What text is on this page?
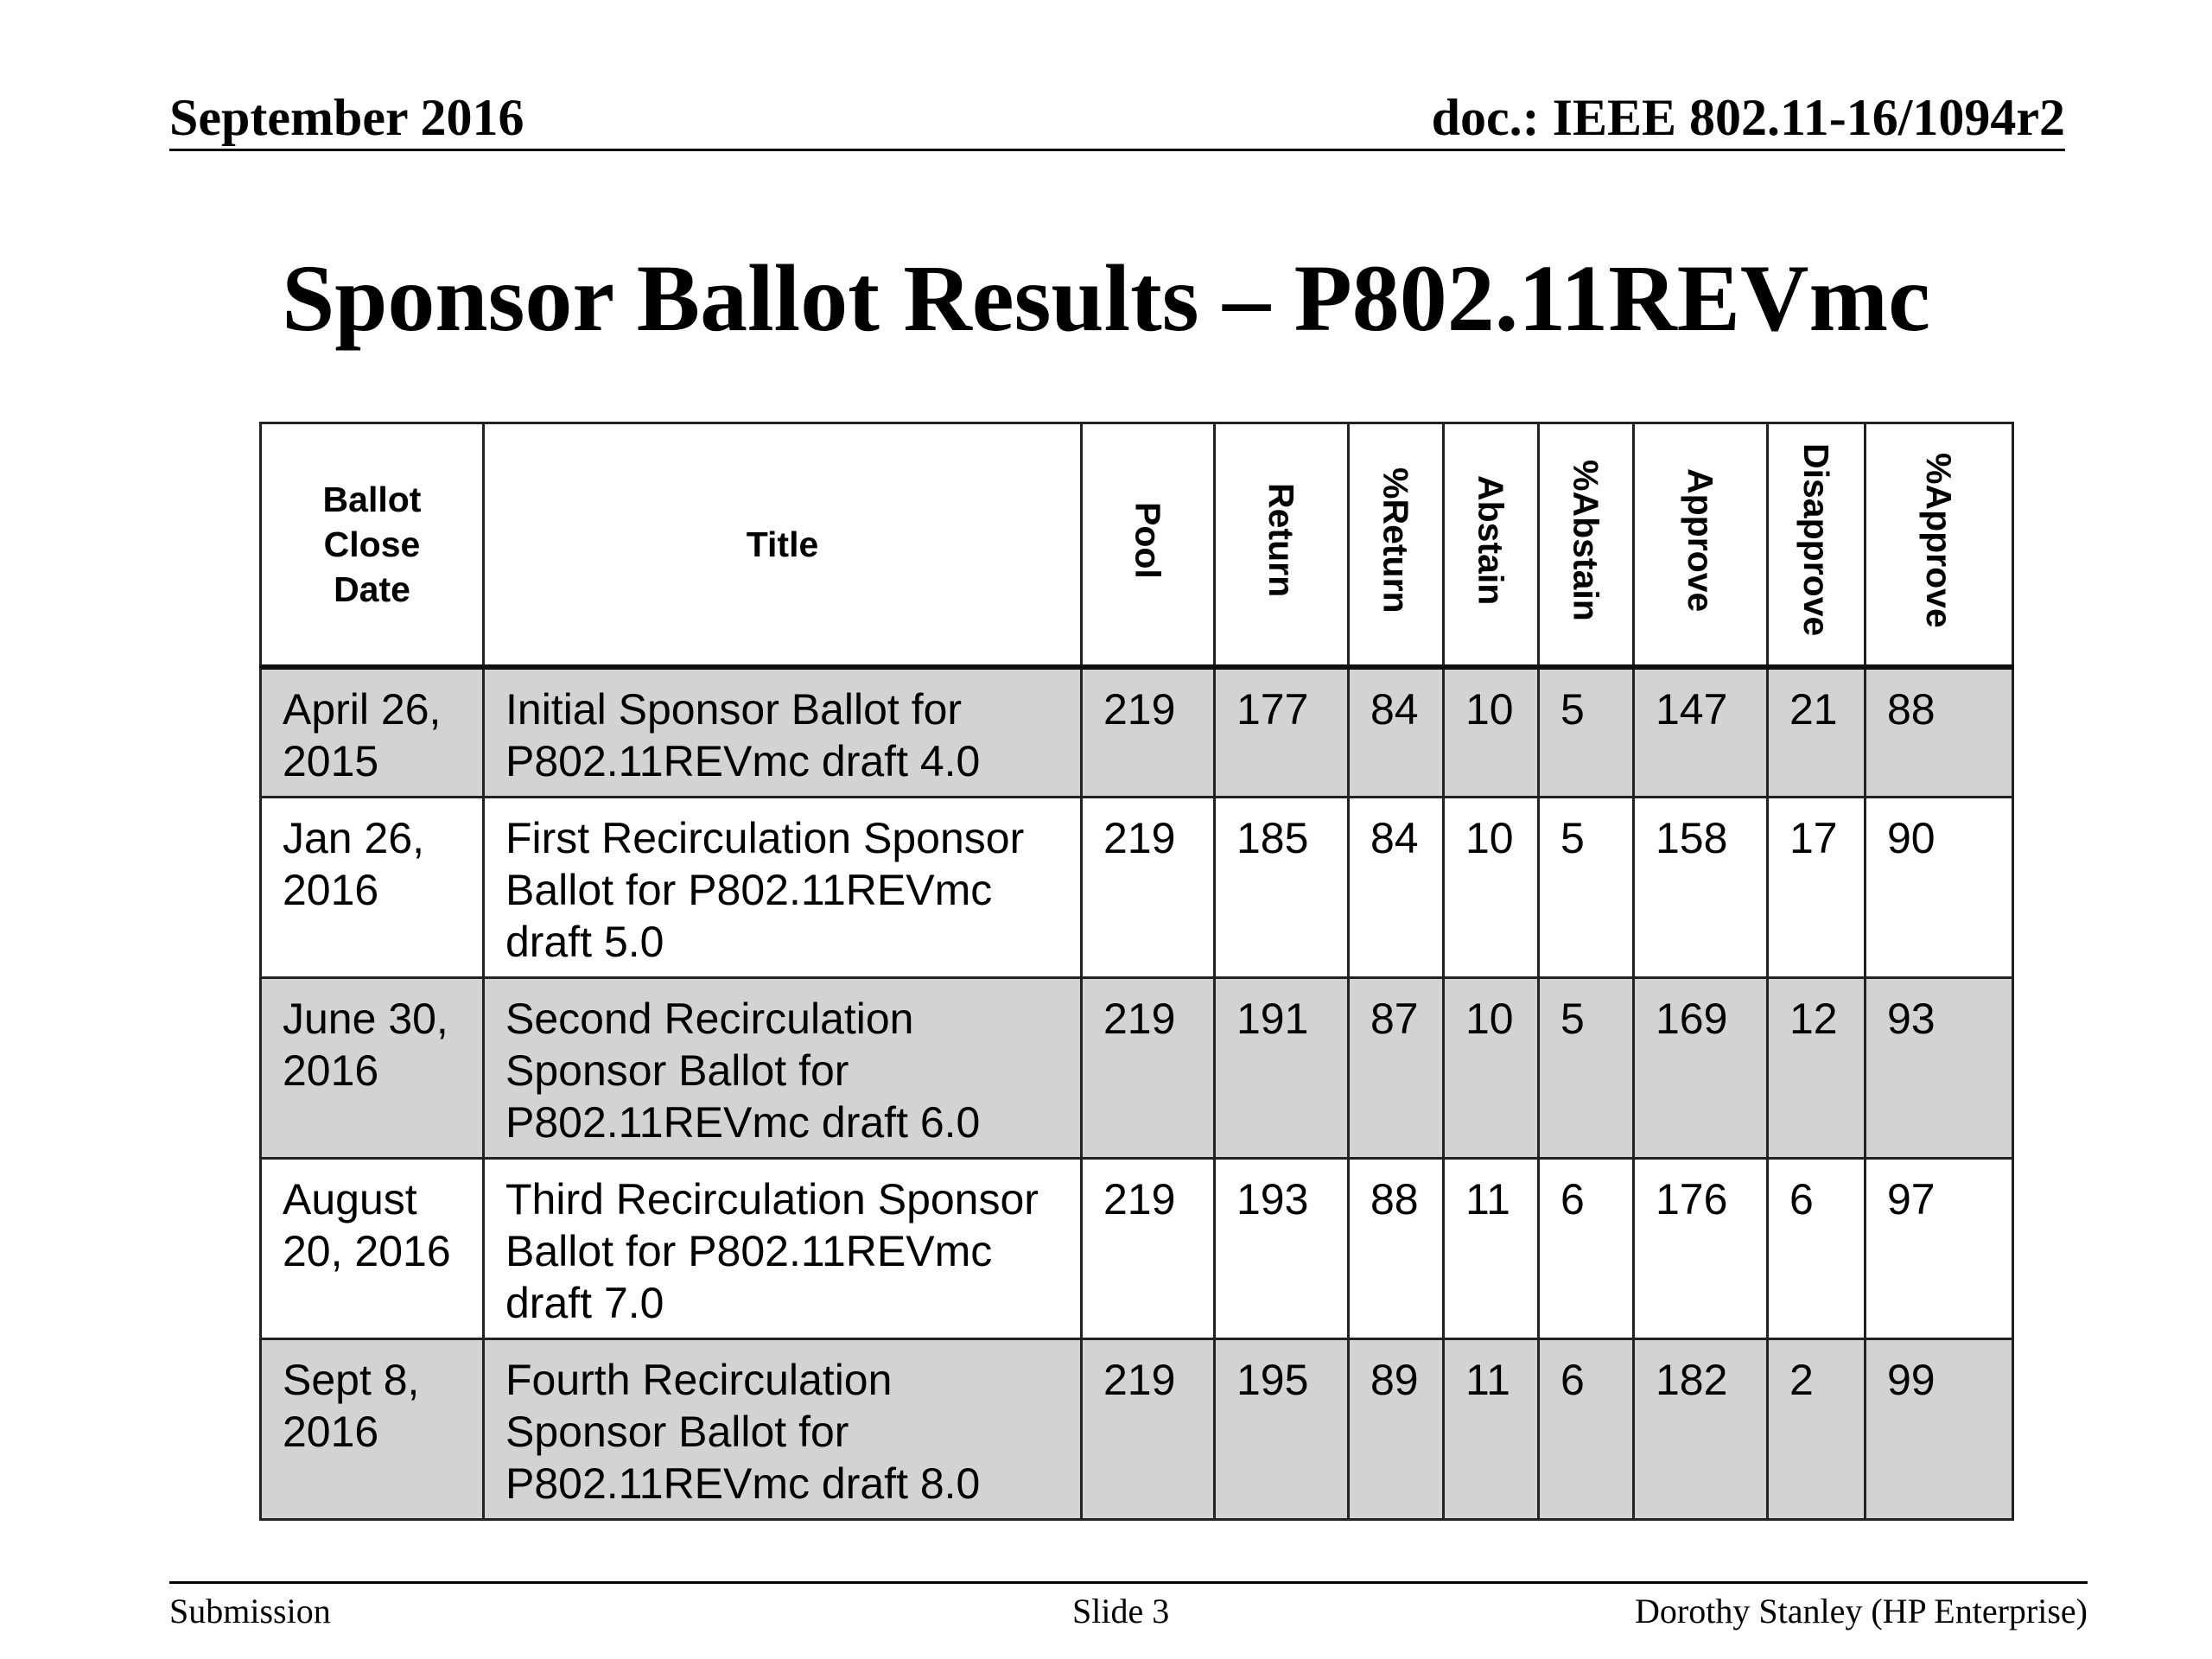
September 2016	doc.: IEEE 802.11-16/1094r2
Sponsor Ballot Results – P802.11REVmc
Ballot
Close
Date	Title	Pool	Return	%Return	Abstain	%Abstain	Approve	Disapprove	%Approve
April 26,
2015	Initial Sponsor Ballot for
P802.11REVmc draft 4.0	219	177	84	10	5	147	21	88
Jan 26,
2016	First Recirculation Sponsor
Ballot for P802.11REVmc
draft 5.0	219	185	84	10	5	158	17	90
June 30,
2016	Second Recirculation
Sponsor Ballot for
P802.11REVmc draft 6.0	219	191	87	10	5	169	12	93
August
20, 2016	Third Recirculation Sponsor
Ballot for P802.11REVmc
draft 7.0	219	193	88	11	6	176	6	97
Sept 8,
2016	Fourth Recirculation
Sponsor Ballot for
P802.11REVmc draft 8.0	219	195	89	11	6	182	2	99
Submission	Slide 3	Dorothy Stanley (HP Enterprise)
